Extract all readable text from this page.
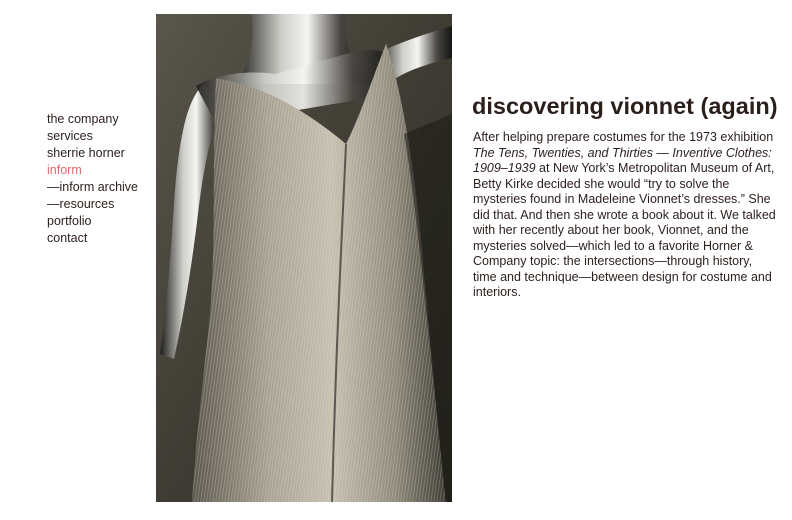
the company
services
sherrie horner
inform
—inform archive
—resources
portfolio
contact
discovering vionnet (again)

After helping prepare costumes for the 1973 exhibition The Tens, Twenties, and Thirties — Inventive Clothes: 1909–1939 at New York’s Metropolitan Museum of Art, Betty Kirke decided she would “try to solve the mysteries found in Madeleine Vionnet’s dresses.” She did that. And then she wrote a book about it. We talked with her recently about her book, Vionnet, and the mysteries solved—which led to a favorite Horner & Company topic: the intersections—through history, time and technique—between design for costume and interiors.
